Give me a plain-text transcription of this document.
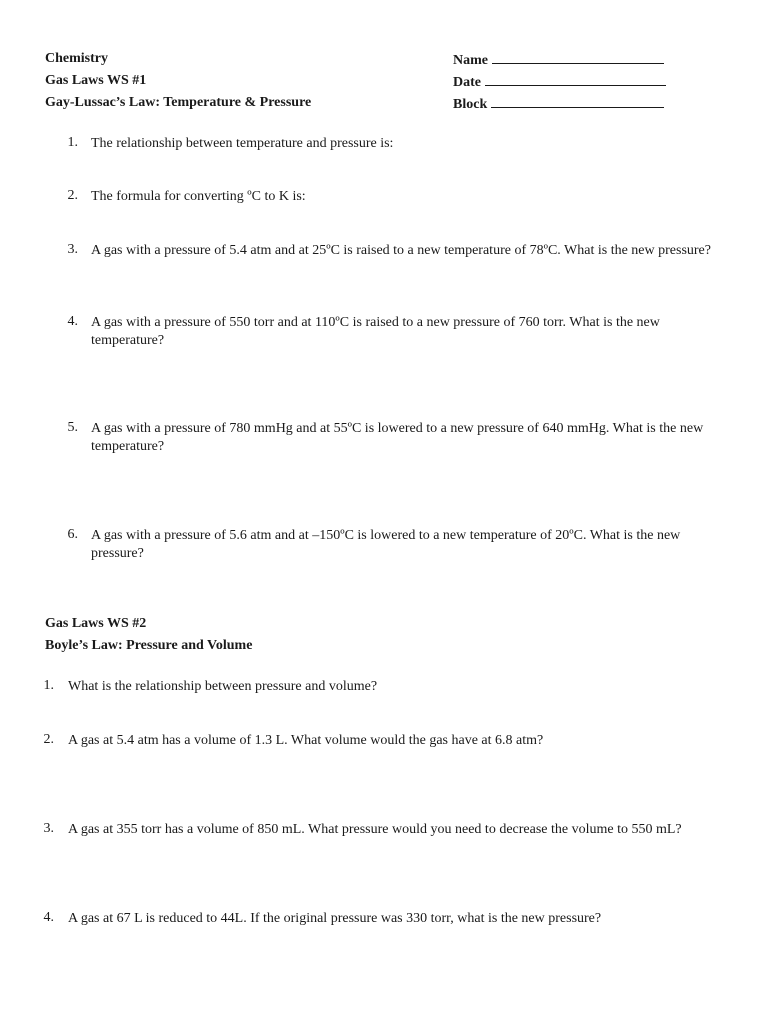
Chemistry
Gas Laws WS #1
Gay-Lussac’s Law: Temperature & Pressure
Name
Date
Block
1. The relationship between temperature and pressure is:
2. The formula for converting ºC to K is:
3. A gas with a pressure of 5.4 atm and at 25ºC is raised to a new temperature of 78ºC. What is the new pressure?
4. A gas with a pressure of 550 torr and at 110ºC is raised to a new pressure of 760 torr. What is the new temperature?
5. A gas with a pressure of 780 mmHg and at 55ºC is lowered to a new pressure of 640 mmHg. What is the new temperature?
6. A gas with a pressure of 5.6 atm and at –150ºC is lowered to a new temperature of 20ºC. What is the new pressure?
Gas Laws WS #2
Boyle’s Law: Pressure and Volume
1. What is the relationship between pressure and volume?
2. A gas at 5.4 atm has a volume of 1.3 L. What volume would the gas have at 6.8 atm?
3. A gas at 355 torr has a volume of 850 mL. What pressure would you need to decrease the volume to 550 mL?
4. A gas at 67 L is reduced to 44L. If the original pressure was 330 torr, what is the new pressure?
